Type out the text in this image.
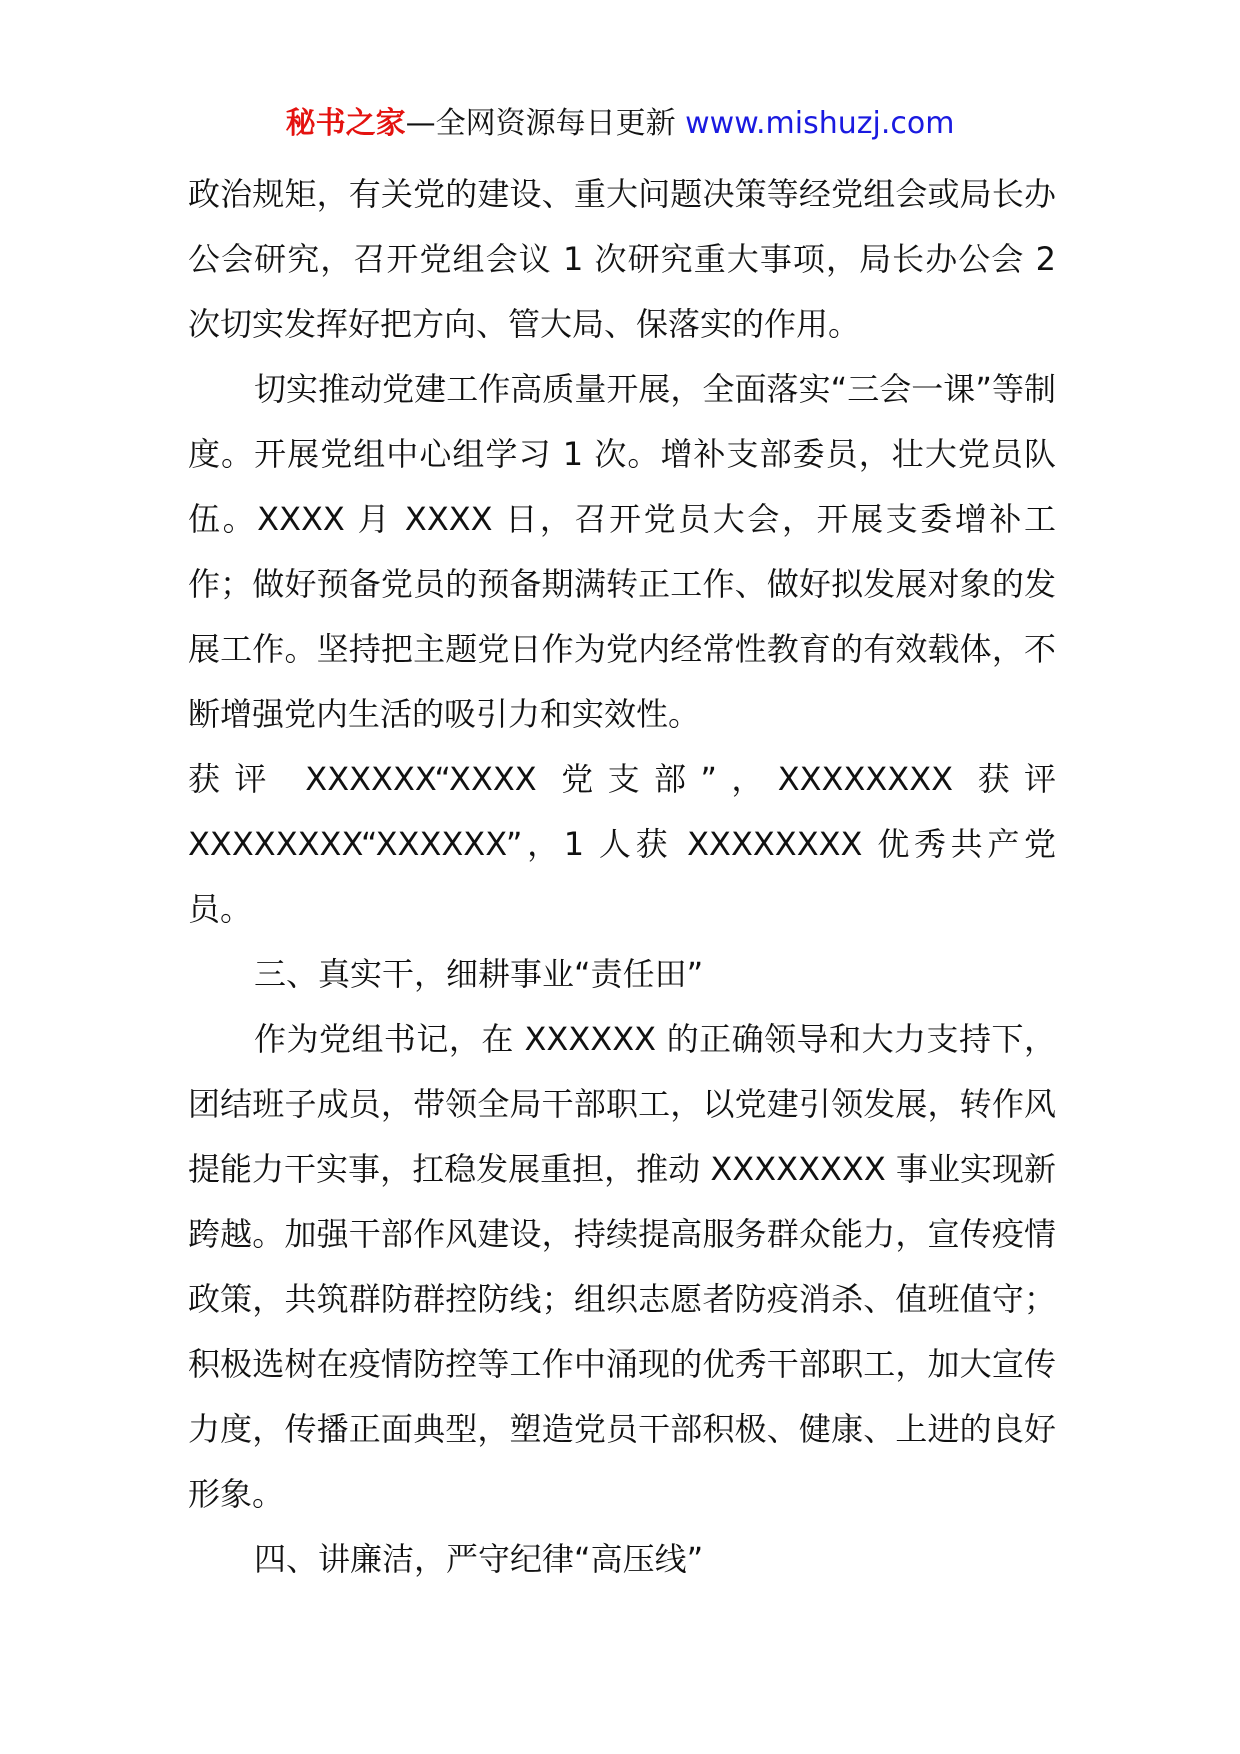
秘书之家—全网资源每日更新 www.mishuzj.com

政治规矩，有关党的建设、重大问题决策等经党组会或局长办公会研究，召开党组会议 1 次研究重大事项，局长办公会 2 次切实发挥好把方向、管大局、保落实的作用。

切实推动党建工作高质量开展，全面落实“三会一课”等制度。开展党组中心组学习 1 次。增补支部委员，壮大党员队伍。XXXX 月 XXXX 日，召开党员大会，开展支委增补工作；做好预备党员的预备期满转正工作、做好拟发展对象的发展工作。坚持把主题党日作为党内经常性教育的有效载体，不断增强党内生活的吸引力和实效性。

获评 XXXXXX“XXXX 党支部”，XXXXXXXX 获评

XXXXXXXX“XXXXXX”，1 人获 XXXXXXXX 优秀共产党员。

三、真实干，细耕事业“责任田”

作为党组书记，在 XXXXXX 的正确领导和大力支持下，团结班子成员，带领全局干部职工，以党建引领发展，转作风提能力干实事，扛稳发展重担，推动 XXXXXXXX 事业实现新跨越。加强干部作风建设，持续提高服务群众能力，宣传疫情政策，共筑群防群控防线；组织志愿者防疫消杀、值班值守；积极选树在疫情防控等工作中涌现的优秀干部职工，加大宣传力度，传播正面典型，塑造党员干部积极、健康、上进的良好形象。

四、讲廉洁，严守纪律“高压线”
